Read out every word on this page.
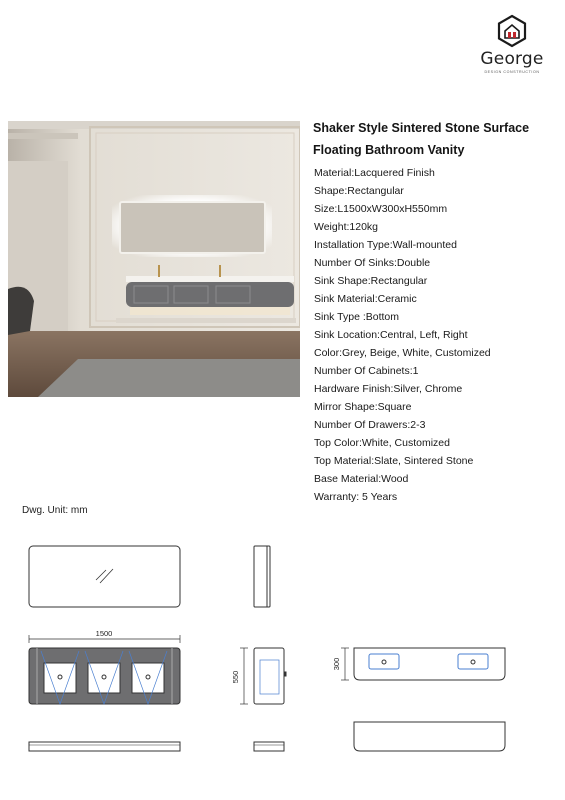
George
DESIGN CONSTRUCTION
Shaker Style Sintered Stone Surface
Floating Bathroom Vanity
Material:Lacquered Finish
Shape:Rectangular
Size:L1500xW300xH550mm
Weight:120kg
Installation Type:Wall-mounted
Number Of Sinks:Double
Sink Shape:Rectangular
Sink Material:Ceramic
Sink Type :Bottom
Sink Location:Central, Left, Right
Color:Grey, Beige, White, Customized
Number Of Cabinets:1
Hardware Finish:Silver, Chrome
Mirror Shape:Square
Number Of Drawers:2-3
Top Color:White, Customized
Top Material:Slate, Sintered Stone
Base Material:Wood
Warranty: 5 Years
Dwg. Unit: mm
1500
550
300
